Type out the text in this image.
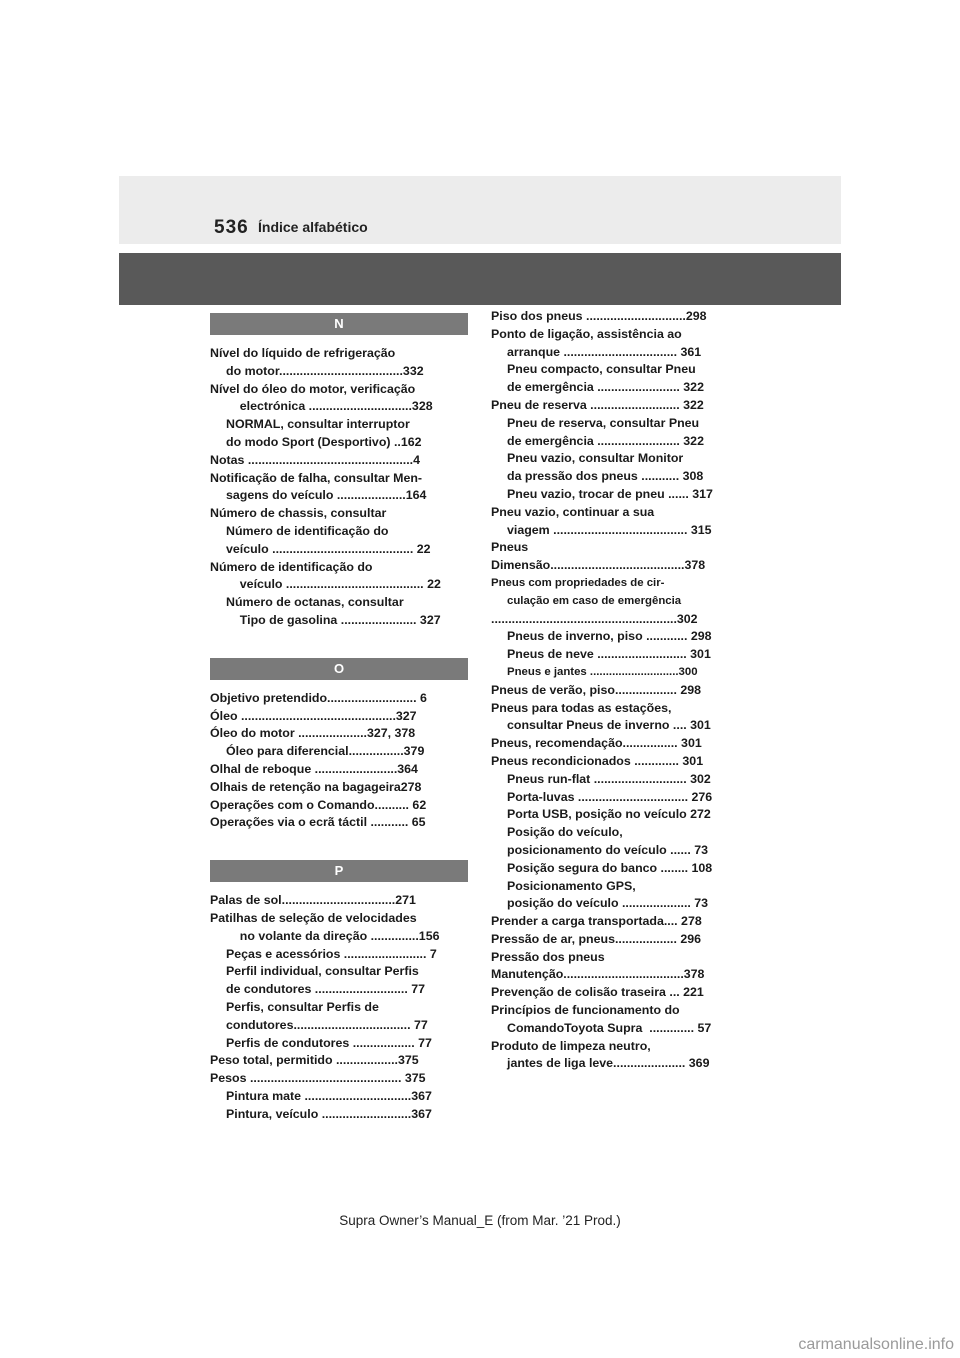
536 Índice alfabético
N
Nível do líquido de refrigeração
do motor....................................332
Nível do óleo do motor, verificação
electrónica ..............................328
NORMAL, consultar interruptor
do modo Sport (Desportivo) ..162
Notas ................................................4
Notificação de falha, consultar Men-
sagens do veículo ....................164
Número de chassis, consultar
Número de identificação do
veículo ......................................... 22
Número de identificação do
veículo ........................................ 22
Número de octanas, consultar
Tipo de gasolina ...................... 327
O
Objetivo pretendido.......................... 6
Óleo .............................................327
Óleo do motor ....................327, 378
Óleo para diferencial................379
Olhal de reboque ........................364
Olhais de retenção na bagageira278
Operações com o Comando.......... 62
Operações via o ecrã táctil ........... 65
P
Palas de sol.................................271
Patilhas de seleção de velocidades
no volante da direção ..............156
Peças e acessórios ........................ 7
Perfil individual, consultar Perfis
de condutores ........................... 77
Perfis, consultar Perfis de
condutores.................................. 77
Perfis de condutores .................. 77
Peso total, permitido ..................375
Pesos ............................................ 375
Pintura mate ...............................367
Pintura, veículo ..........................367
Piso dos pneus .............................298
Ponto de ligação, assistência ao
arranque ................................. 361
Pneu compacto, consultar Pneu
de emergência ........................ 322
Pneu de reserva .......................... 322
Pneu de reserva, consultar Pneu
de emergência ........................ 322
Pneu vazio, consultar Monitor
da pressão dos pneus ........... 308
Pneu vazio, trocar de pneu ...... 317
Pneu vazio, continuar a sua
viagem ....................................... 315
Pneus
Dimensão.......................................378
Pneus com propriedades de cir-
culação em caso de emergência
......................................................302
Pneus de inverno, piso ............ 298
Pneus de neve .......................... 301
Pneus e jantes ............................300
Pneus de verão, piso.................. 298
Pneus para todas as estações,
consultar Pneus de inverno .... 301
Pneus, recomendação................ 301
Pneus recondicionados ............. 301
Pneus run-flat ........................... 302
Porta-luvas ................................ 276
Porta USB, posição no veículo 272
Posição do veículo,
posicionamento do veículo ...... 73
Posição segura do banco ........ 108
Posicionamento GPS,
posição do veículo .................... 73
Prender a carga transportada.... 278
Pressão de ar, pneus.................. 296
Pressão dos pneus
Manutenção...................................378
Prevenção de colisão traseira ... 221
Princípios de funcionamento do
ComandoToyota Supra  ............. 57
Produto de limpeza neutro,
jantes de liga leve..................... 369
Supra Owner’s Manual_E (from Mar. ’21 Prod.)
carmanualsonline.info
